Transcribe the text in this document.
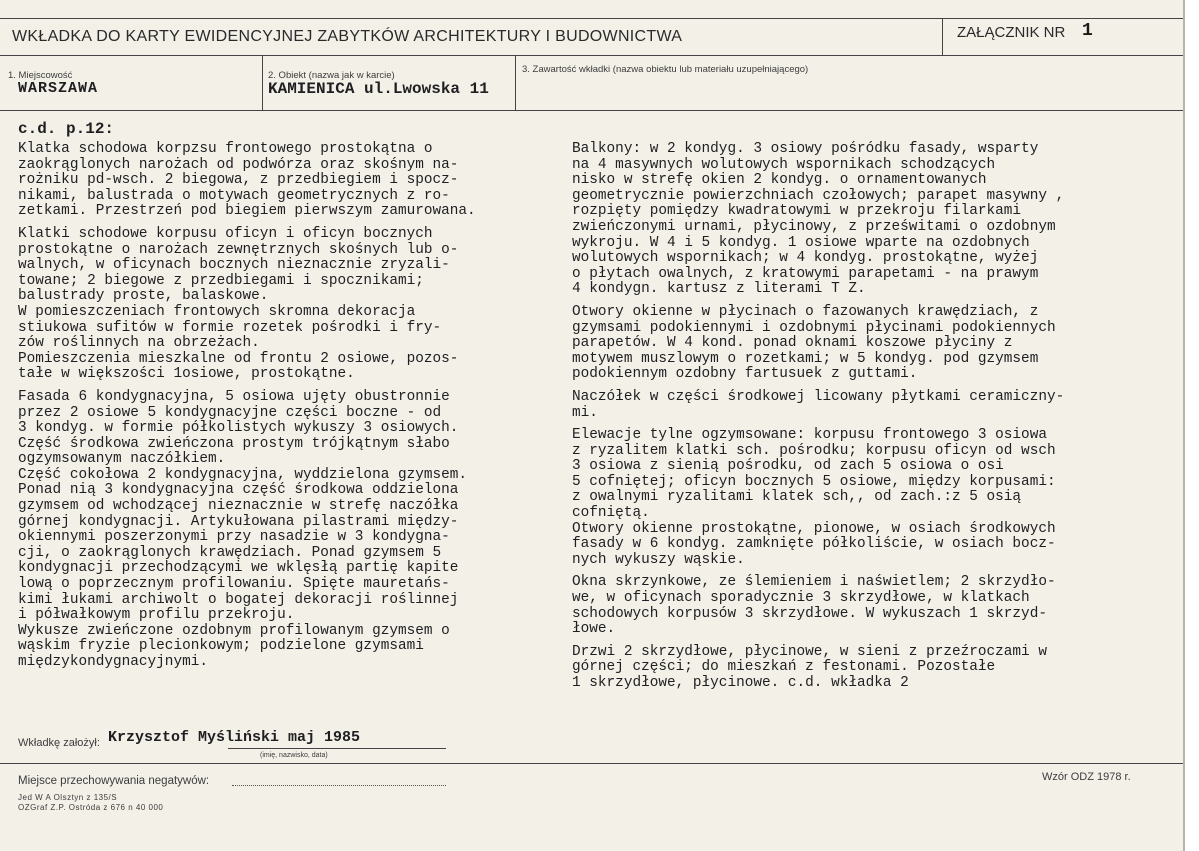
WKŁADKA DO KARTY EWIDENCYJNEJ ZABYTKÓW ARCHITEKTURY I BUDOWNICTWA	ZAŁĄCZNIK NR 1
1. Miejscowość
WARSZAWA
2. Obiekt (nazwa jak w karcie)
KAMIENICA ul.Lwowska 11
3. Zawartość wkładki (nazwa obiektu lub materiału uzupełniającego)
c.d. p.12:

Klatka schodowa korpzsu frontowego prostokątna o
zaokrąglonych narożach od podwórza oraz skośnym na-
rożniku pd-wsch. 2 biegowa, z przedbiegiem i spocz-
nikami, balustrada o motywach geometrycznych z ro-
zetkami. Przestrzeń pod biegiem pierwszym zamurowana.

Klatki schodowe korpusu oficyn i oficyn bocznych
prostokątne o narożach zewnętrznych skośnych lub o-
walnych, w oficynach bocznych nieznacznie zryzali-
towane; 2 biegowe z przedbiegami i spocznikami;
balustrady proste, balaskowe.
W pomieszczeniach frontowych skromna dekoracja
stiukowa sufitów w formie rozetek pośrodki i fry-
zów roślinnych na obrzeżach.
Pomieszczenia mieszkalne od frontu 2 osiowe, pozos-
tałe w większości 1osiowe, prostokątne.

Fasada 6 kondygnacyjna, 5 osiowa ujęty obustronnie
przez 2 osiowe 5 kondygnacyjne części boczne - od
3 kondyg. w formie półkolistych wykuszy 3 osiowych.
Część środkowa zwieńczona prostym trójkątnym słabo
ogzymsowanym naczółkiem.
Część cokołowa 2 kondygnacyjna, wyddzielona gzymsem.
Ponad nią 3 kondygnacyjna część środkowa oddzielona
gzymsem od wchodzącej nieznacznie w strefę naczółka
górnej kondygnacji. Artykułowana pilastrami między-
okiennymi poszerzonymi przy nasadzie w 3 kondygna-
cji, o zaokrąglonych krawędziach. Ponad gzymsem 5
kondygnacji przechodzącymi we wklęsłą partię kapite
lową o poprzecznym profilowaniu. Spięte mauretańs-
kimi łukami archiwolt o bogatej dekoracji roślinnej
i półwałkowym profilu przekroju.
Wykusze zwieńczone ozdobnym profilowanym gzymsem o
wąskim fryzie plecionkowym; podzielone gzymsami
międzykondygnacyjnymi.

Balkony: w 2 kondyg. 3 osiowy pośródku fasady, wsparty
na 4 masywnych wolutowych wspornikach schodzących
nisko w strefę okien 2 kondyg. o ornamentowanych
geometrycznie powierzchniach czołowych; parapet masywny ,
rozpięty pomiędzy kwadratowymi w przekroju filarkami
zwieńczonymi urnami, płycinowy, z prześwitami o ozdobnym
wykroju. W 4 i 5 kondyg. 1 osiowe wparte na ozdobnych
wolutowych wspornikach; w 4 kondyg. prostokątne, wyżej
o płytach owalnych, z kratowymi parapetami - na prawym
4 kondygn. kartusz z literami T Z.

Otwory okienne w płycinach o fazowanych krawędziach, z
gzymsami podokiennymi i ozdobnymi płycinami podokiennych
parapetów. W 4 kond. ponad oknami koszowe płyciny z
motywem muszlowym o rozetkami; w 5 kondyg. pod gzymsem
podokiennym ozdobny fartusuek z guttami.

Naczółek w części środkowej licowany płytkami ceramiczny-
mi.

Elewacje tylne ogzymsowane: korpusu frontowego 3 osiowa
z ryzalitem klatki sch. pośrodku; korpusu oficyn od wsch
3 osiowa z sienią pośrodku, od zach 5 osiowa o osi
5 cofniętej; oficyn bocznych 5 osiowe, między korpusami:
z owalnymi ryzalitami klatek sch,, od zach.:z 5 osią
cofniętą.
Otwory okienne prostokątne, pionowe, w osiach środkowych
fasady w 6 kondyg. zamknięte półkoliście, w osiach bocz-
nych wykuszy wąskie.

Okna skrzynkowe, ze ślemieniem i naświetlem; 2 skrzydło-
we, w oficynach sporadycznie 3 skrzydłowe, w klatkach
schodowych korpusów 3 skrzydłowe. W wykuszach 1 skrzyd-
łowe.

Drzwi 2 skrzydłowe, płycinowe, w sieni z przeźroczami w
górnej części; do mieszkań z festonami. Pozostałe
1 skrzydłowe, płycinowe. c.d. wkładka 2

Wkładkę założył: Krzysztof Myśliński maj 1985
(imię, nazwisko, data)
Miejsce przechowywania negatywów:
Jed W A Olsztyn z 135/S
OZGraf Z.P. Ostróda z 676 n 40 000
Wzór ODZ 1978 r.
